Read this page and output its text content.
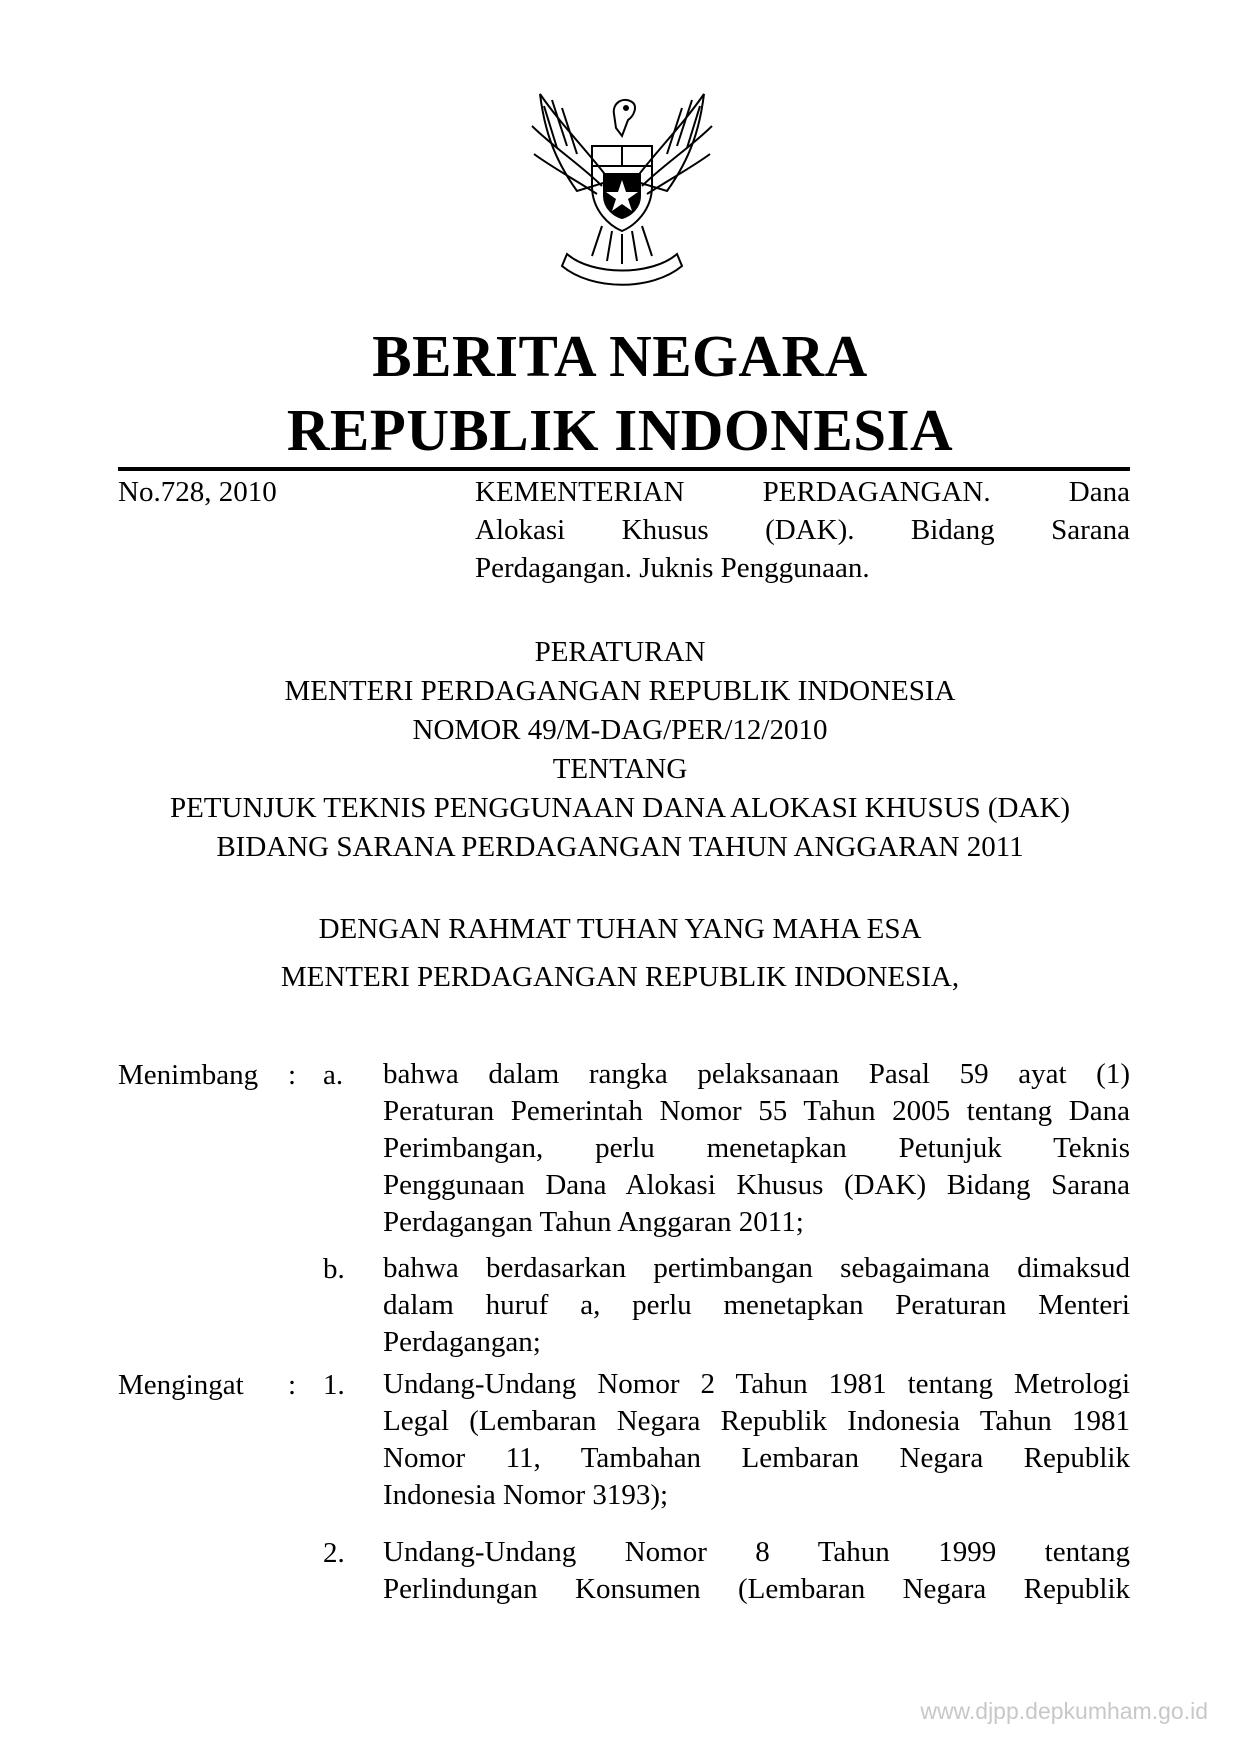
BERITA NEGARA
REPUBLIK INDONESIA
No.728, 2010	KEMENTERIAN PERDAGANGAN. Dana
Alokasi Khusus (DAK). Bidang Sarana
Perdagangan. Juknis Penggunaan.
PERATURAN
MENTERI PERDAGANGAN REPUBLIK INDONESIA
NOMOR 49/M-DAG/PER/12/2010
TENTANG
PETUNJUK TEKNIS PENGGUNAAN DANA ALOKASI KHUSUS (DAK)
BIDANG SARANA PERDAGANGAN TAHUN ANGGARAN 2011
DENGAN RAHMAT TUHAN YANG MAHA ESA
MENTERI PERDAGANGAN REPUBLIK INDONESIA,
Menimbang : a. bahwa dalam rangka pelaksanaan Pasal 59 ayat (1)
Peraturan Pemerintah Nomor 55 Tahun 2005 tentang Dana
Perimbangan, perlu menetapkan Petunjuk Teknis
Penggunaan Dana Alokasi Khusus (DAK) Bidang Sarana
Perdagangan Tahun Anggaran 2011;
b. bahwa berdasarkan pertimbangan sebagaimana dimaksud
dalam huruf a, perlu menetapkan Peraturan Menteri
Perdagangan;
Mengingat : 1. Undang-Undang Nomor 2 Tahun 1981 tentang Metrologi
Legal (Lembaran Negara Republik Indonesia Tahun 1981
Nomor 11, Tambahan Lembaran Negara Republik
Indonesia Nomor 3193);
2. Undang-Undang Nomor 8 Tahun 1999 tentang
Perlindungan Konsumen (Lembaran Negara Republik
www.djpp.depkumham.go.id
